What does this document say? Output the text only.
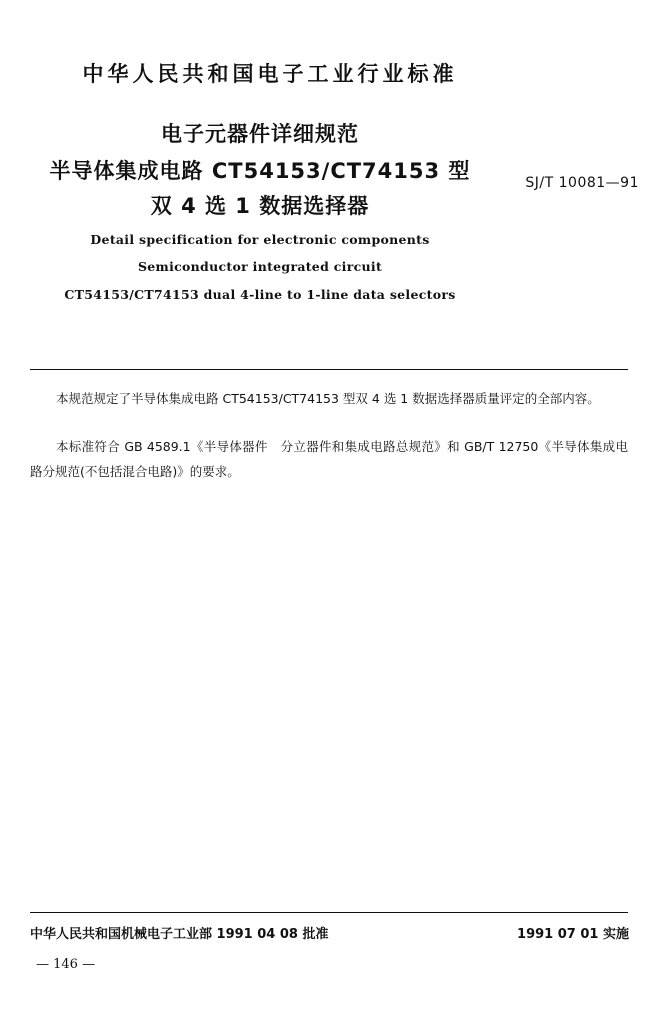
中华人民共和国电子工业行业标准
电子元器件详细规范
半导体集成电路 CT54153/CT74153 型
双 4 选 1 数据选择器
SJ/T 10081—91
Detail specification for electronic components
Semiconductor integrated circuit
CT54153/CT74153 dual 4-line to 1-line data selectors

本规范规定了半导体集成电路 CT54153/CT74153 型双 4 选 1 数据选择器质量评定的全部内容。

本标准符合 GB 4589.1《半导体器件　分立器件和集成电路总规范》和 GB/T 12750《半导体集成电路分规范(不包括混合电路)》的要求。

中华人民共和国机械电子工业部 1991 04 08 批准	1991 07 01 实施
— 146 —
